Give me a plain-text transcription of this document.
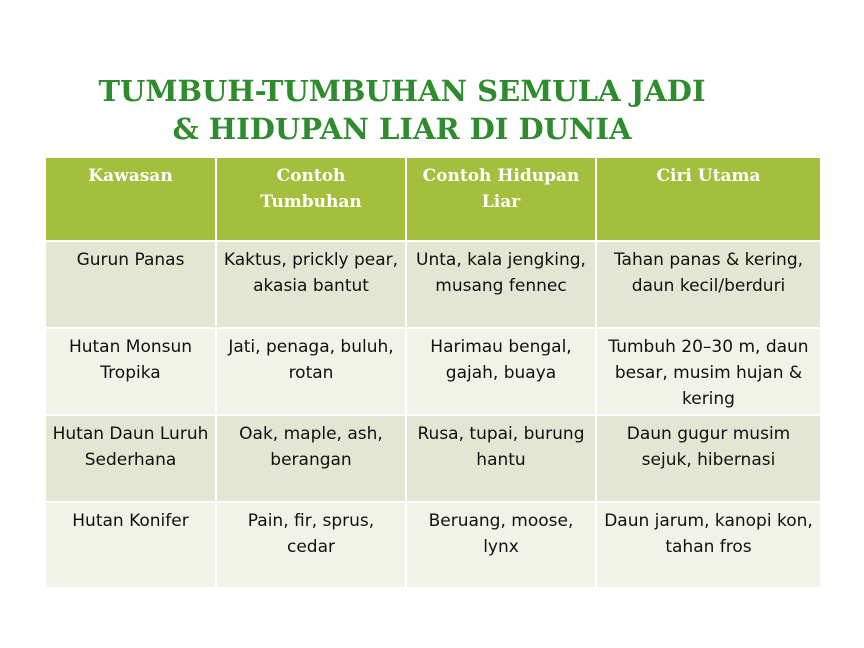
TUMBUH-TUMBUHAN SEMULA JADI
& HIDUPAN LIAR DI DUNIA
Kawasan	Contoh Tumbuhan	Contoh Hidupan Liar	Ciri Utama
Gurun Panas	Kaktus, prickly pear, akasia bantut	Unta, kala jengking, musang fennec	Tahan panas & kering, daun kecil/berduri
Hutan Monsun Tropika	Jati, penaga, buluh, rotan	Harimau bengal, gajah, buaya	Tumbuh 20–30 m, daun besar, musim hujan & kering
Hutan Daun Luruh Sederhana	Oak, maple, ash, berangan	Rusa, tupai, burung hantu	Daun gugur musim sejuk, hibernasi
Hutan Konifer	Pain, fir, sprus, cedar	Beruang, moose, lynx	Daun jarum, kanopi kon, tahan fros
